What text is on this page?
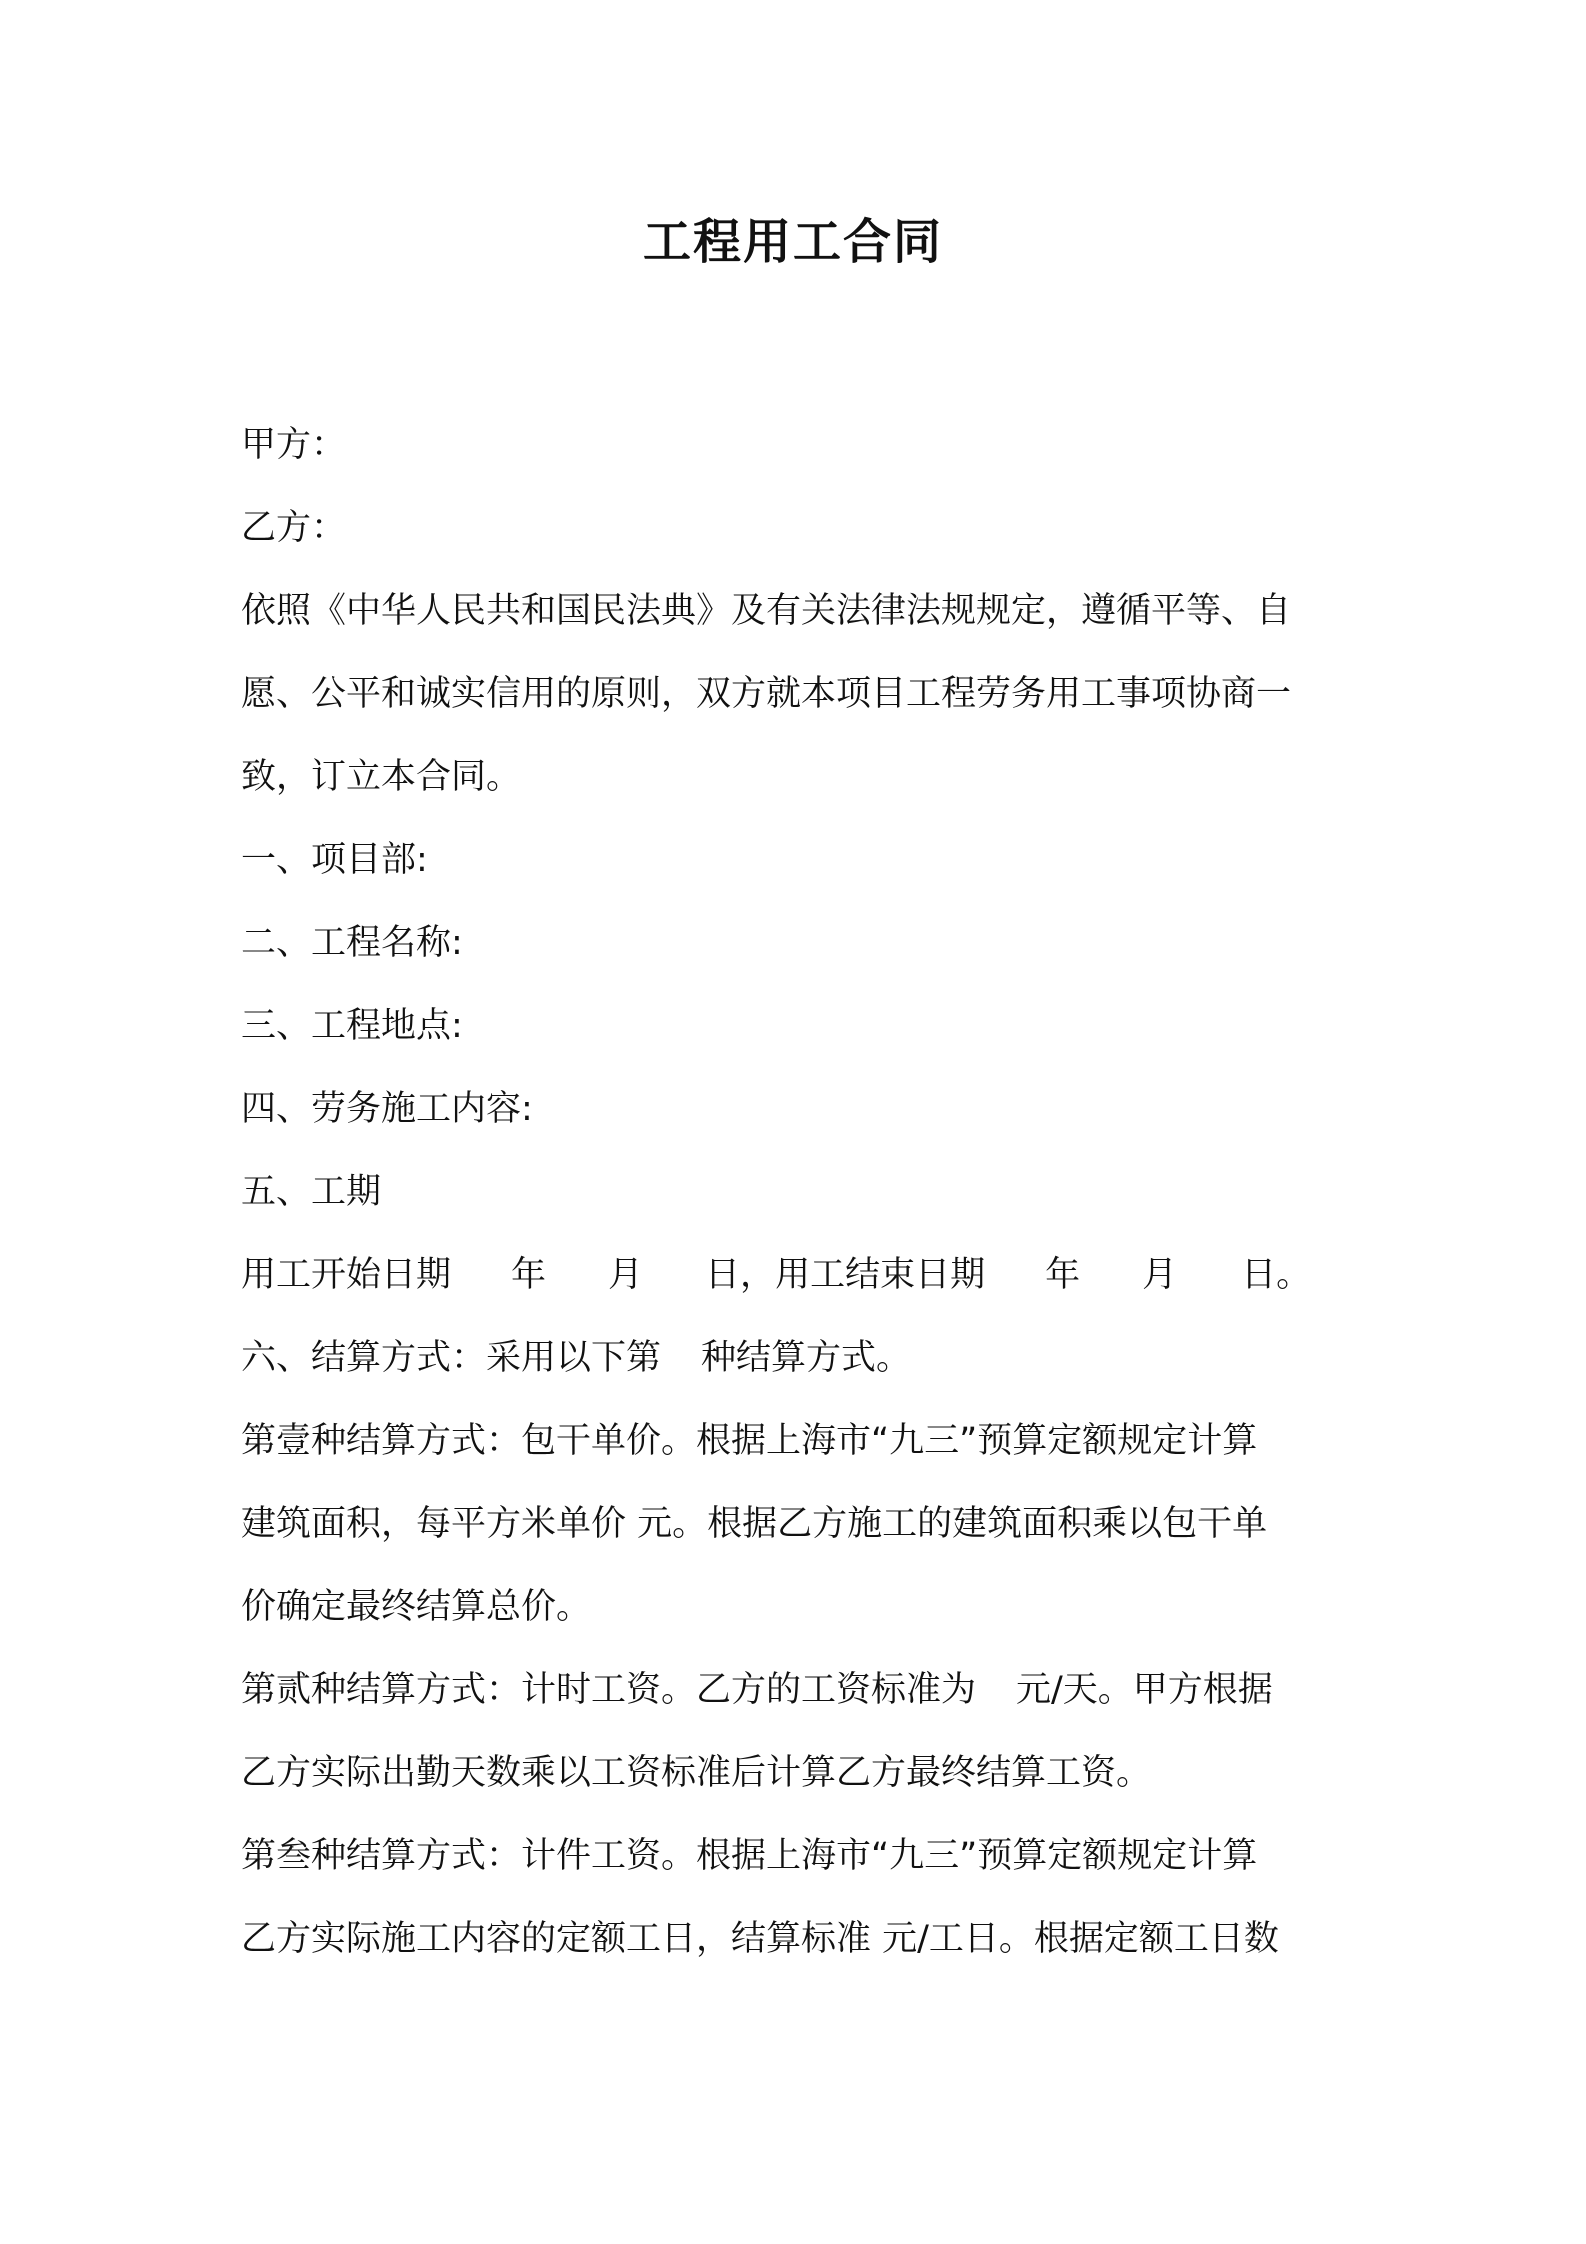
工程用工合同
甲方：
乙方：
依照《中华人民共和国民法典》及有关法律法规规定，遵循平等、自
愿、公平和诚实信用的原则，双方就本项目工程劳务用工事项协商一
致，订立本合同。
一、项目部:
二、工程名称:
三、工程地点:
四、劳务施工内容:
五、工期
用工开始日期 年 月 日，用工结束日期 年 月 日。
六、结算方式：采用以下第 种结算方式。
第壹种结算方式：包干单价。根据上海市“九三”预算定额规定计算
建筑面积，每平方米单价 元。根据乙方施工的建筑面积乘以包干单
价确定最终结算总价。
第贰种结算方式：计时工资。乙方的工资标准为 元/天。甲方根据
乙方实际出勤天数乘以工资标准后计算乙方最终结算工资。
第叁种结算方式：计件工资。根据上海市“九三”预算定额规定计算
乙方实际施工内容的定额工日，结算标准 元/工日。根据定额工日数
